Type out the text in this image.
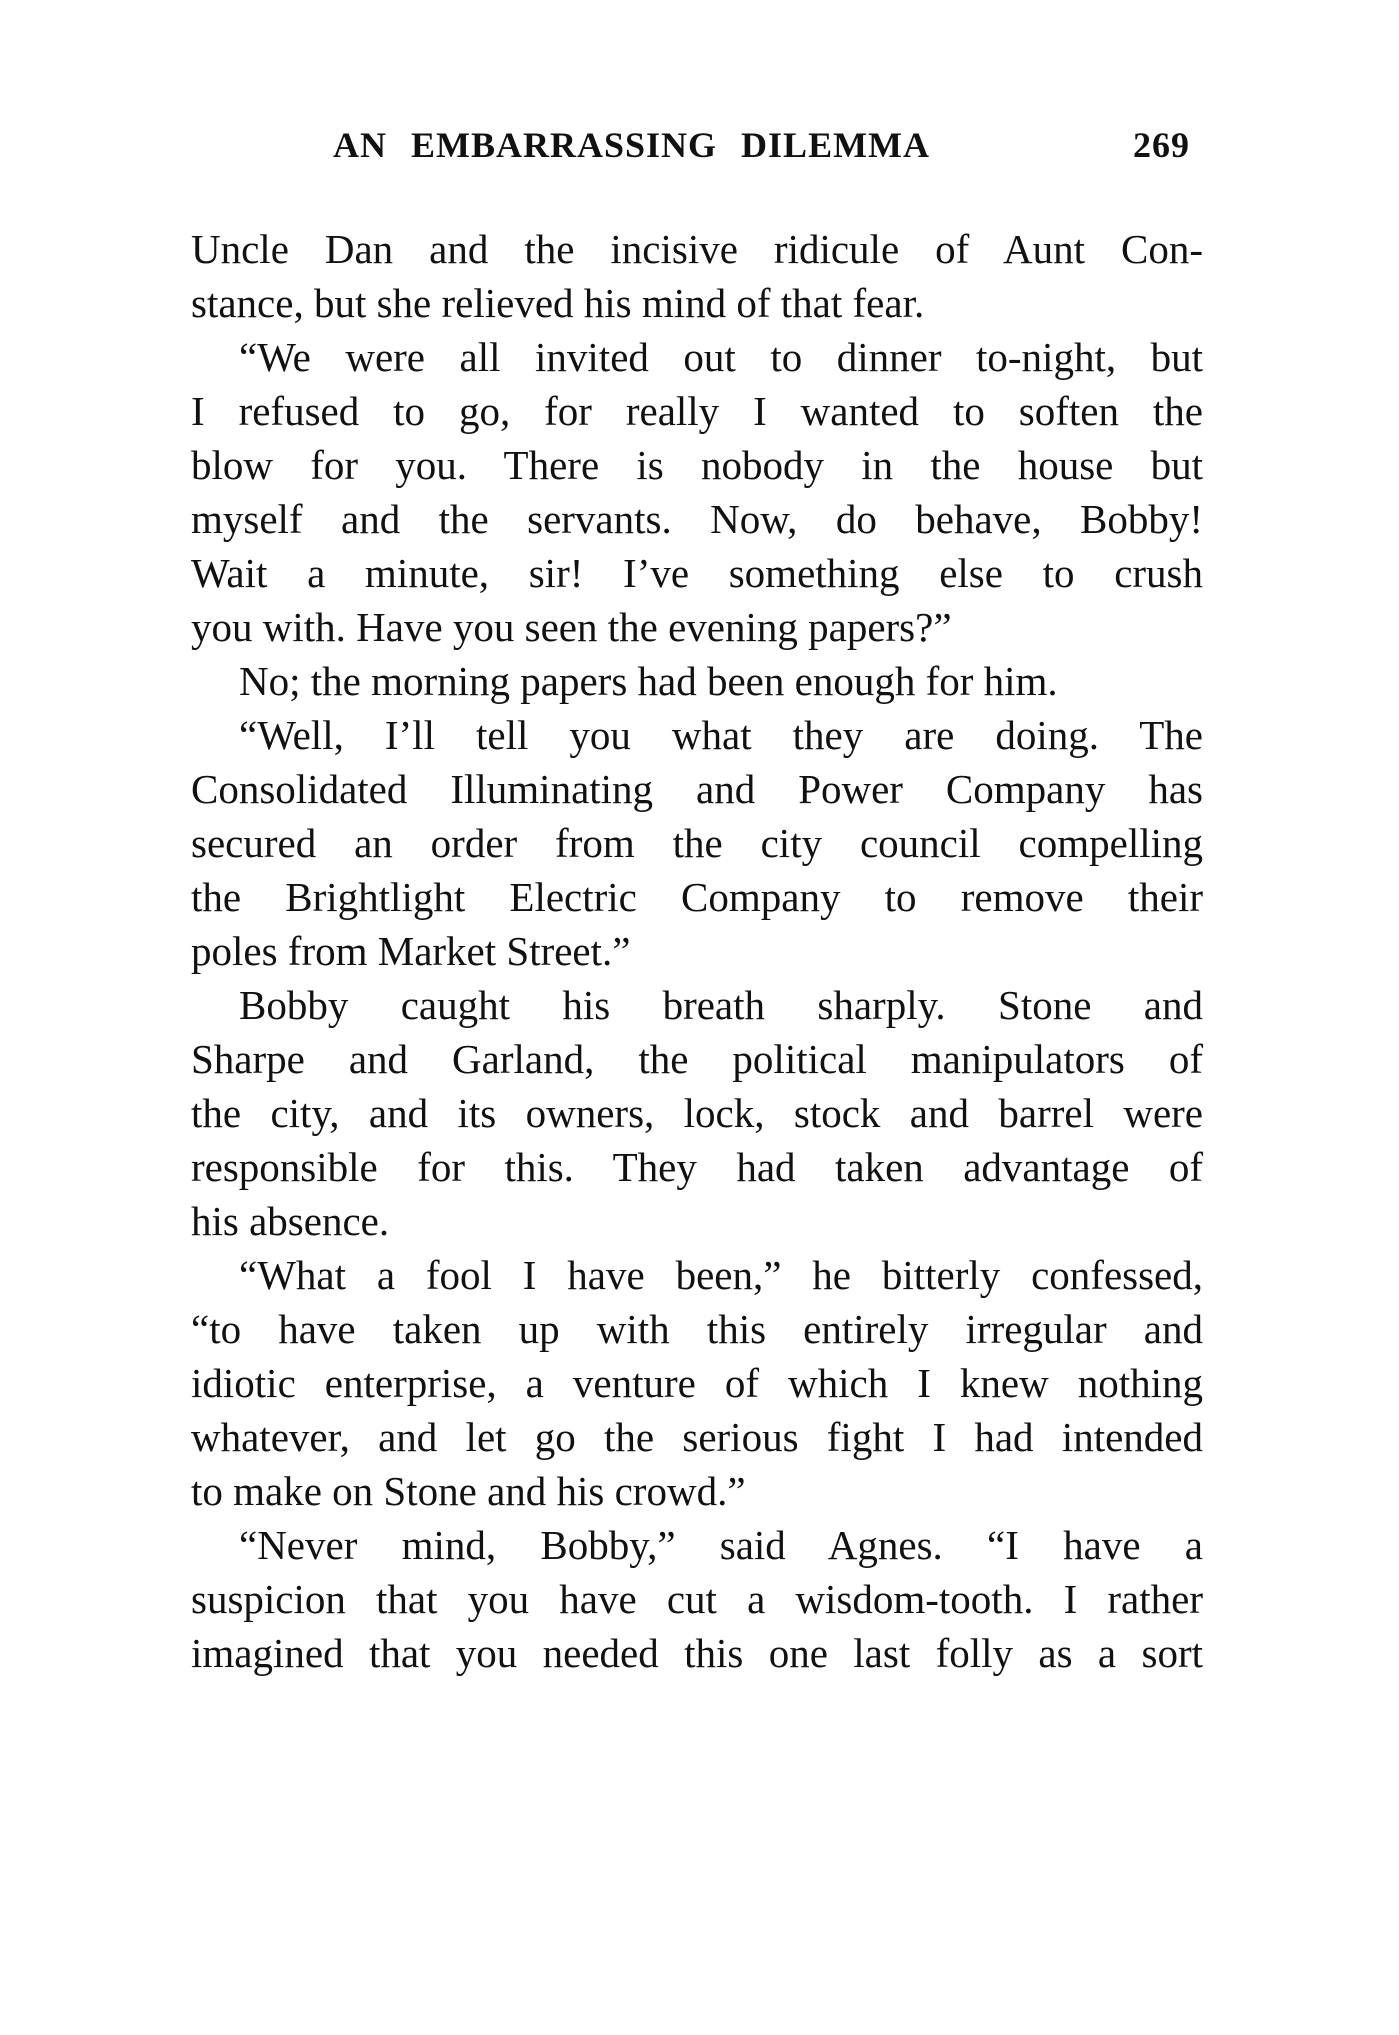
AN EMBARRASSING DILEMMA	269
Uncle Dan and the incisive ridicule of Aunt Con-
stance, but she relieved his mind of that fear.
“We were all invited out to dinner to-night, but
I refused to go, for really I wanted to soften the
blow for you. There is nobody in the house but
myself and the servants. Now, do behave, Bobby!
Wait a minute, sir! I’ve something else to crush
you with. Have you seen the evening papers?”
No; the morning papers had been enough for him.
“Well, I’ll tell you what they are doing. The
Consolidated Illuminating and Power Company has
secured an order from the city council compelling
the Brightlight Electric Company to remove their
poles from Market Street.”
Bobby caught his breath sharply. Stone and
Sharpe and Garland, the political manipulators of
the city, and its owners, lock, stock and barrel were
responsible for this. They had taken advantage of
his absence.
“What a fool I have been,” he bitterly confessed,
“to have taken up with this entirely irregular and
idiotic enterprise, a venture of which I knew nothing
whatever, and let go the serious fight I had intended
to make on Stone and his crowd.”
“Never mind, Bobby,” said Agnes. “I have a
suspicion that you have cut a wisdom-tooth. I rather
imagined that you needed this one last folly as a sort
